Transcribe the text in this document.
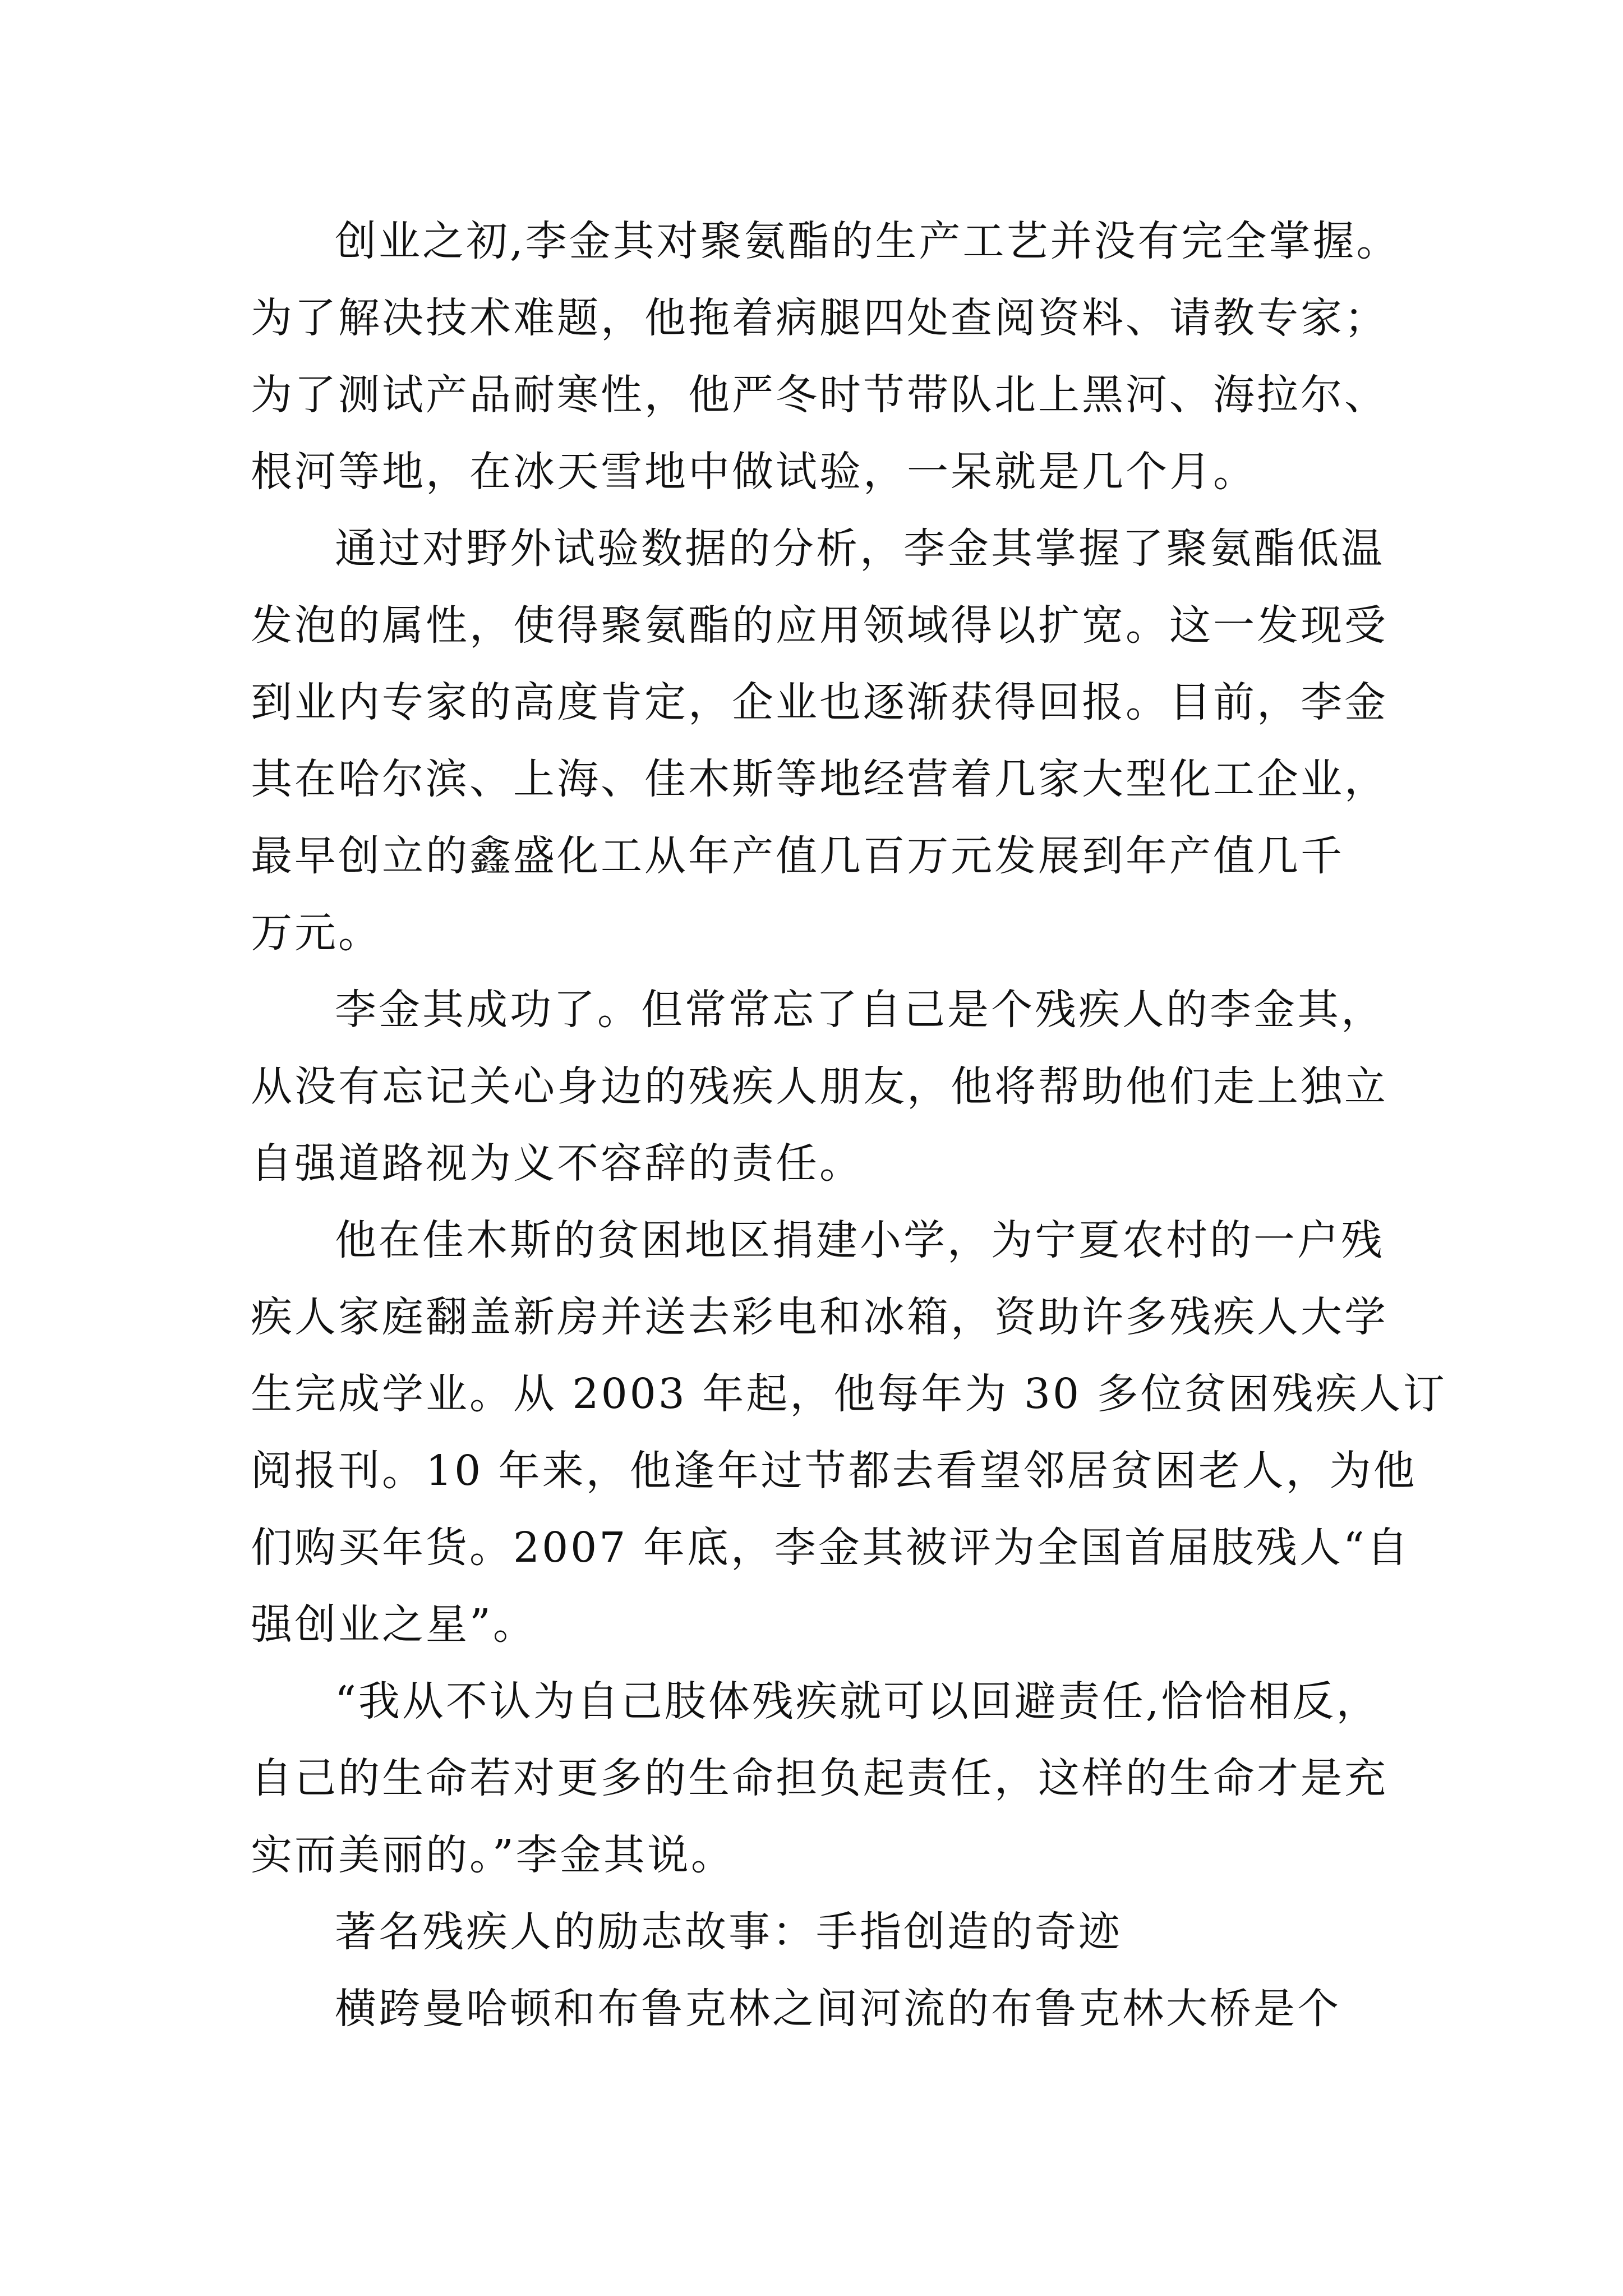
创业之初,李金其对聚氨酯的生产工艺并没有完全掌握。
为了解决技术难题，他拖着病腿四处查阅资料、请教专家；
为了测试产品耐寒性，他严冬时节带队北上黑河、海拉尔、
根河等地，在冰天雪地中做试验，一呆就是几个月。

通过对野外试验数据的分析，李金其掌握了聚氨酯低温
发泡的属性，使得聚氨酯的应用领域得以扩宽。这一发现受
到业内专家的高度肯定，企业也逐渐获得回报。目前，李金
其在哈尔滨、上海、佳木斯等地经营着几家大型化工企业，
最早创立的鑫盛化工从年产值几百万元发展到年产值几千
万元。

李金其成功了。但常常忘了自己是个残疾人的李金其，
从没有忘记关心身边的残疾人朋友，他将帮助他们走上独立
自强道路视为义不容辞的责任。

他在佳木斯的贫困地区捐建小学，为宁夏农村的一户残
疾人家庭翻盖新房并送去彩电和冰箱，资助许多残疾人大学
生完成学业。从 2003 年起，他每年为 30 多位贫困残疾人订
阅报刊。10 年来，他逢年过节都去看望邻居贫困老人，为他
们购买年货。2007 年底，李金其被评为全国首届肢残人“自
强创业之星”。

“我从不认为自己肢体残疾就可以回避责任,恰恰相反，
自己的生命若对更多的生命担负起责任，这样的生命才是充
实而美丽的。”李金其说。

著名残疾人的励志故事：手指创造的奇迹

横跨曼哈顿和布鲁克林之间河流的布鲁克林大桥是个
